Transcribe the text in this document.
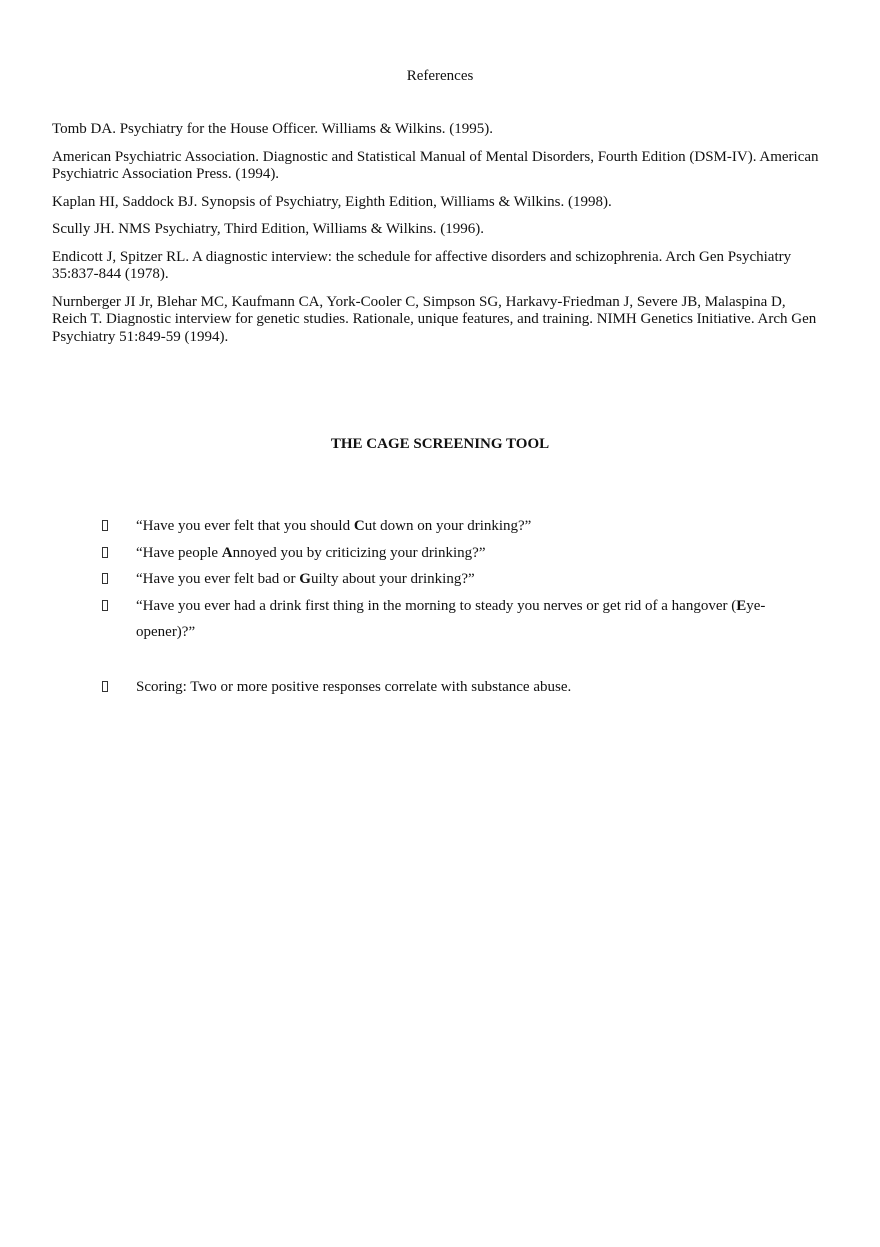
References

Tomb DA. Psychiatry for the House Officer. Williams & Wilkins. (1995).

American Psychiatric Association. Diagnostic and Statistical Manual of Mental Disorders, Fourth Edition (DSM-IV). American Psychiatric Association Press. (1994).

Kaplan HI, Saddock BJ. Synopsis of Psychiatry, Eighth Edition, Williams & Wilkins. (1998).

Scully JH. NMS Psychiatry, Third Edition, Williams & Wilkins. (1996).

Endicott J, Spitzer RL. A diagnostic interview: the schedule for affective disorders and schizophrenia. Arch Gen Psychiatry 35:837-844 (1978).

Nurnberger JI Jr, Blehar MC, Kaufmann CA, York-Cooler C, Simpson SG, Harkavy-Friedman J, Severe JB, Malaspina D, Reich T. Diagnostic interview for genetic studies. Rationale, unique features, and training. NIMH Genetics Initiative. Arch Gen Psychiatry 51:849-59 (1994).

THE CAGE SCREENING TOOL
“Have you ever felt that you should Cut down on your drinking?”
“Have people Annoyed you by criticizing your drinking?”
“Have you ever felt bad or Guilty about your drinking?”
“Have you ever had a drink first thing in the morning to steady you nerves or get rid of a hangover (Eye-opener)?”
Scoring: Two or more positive responses correlate with substance abuse.
